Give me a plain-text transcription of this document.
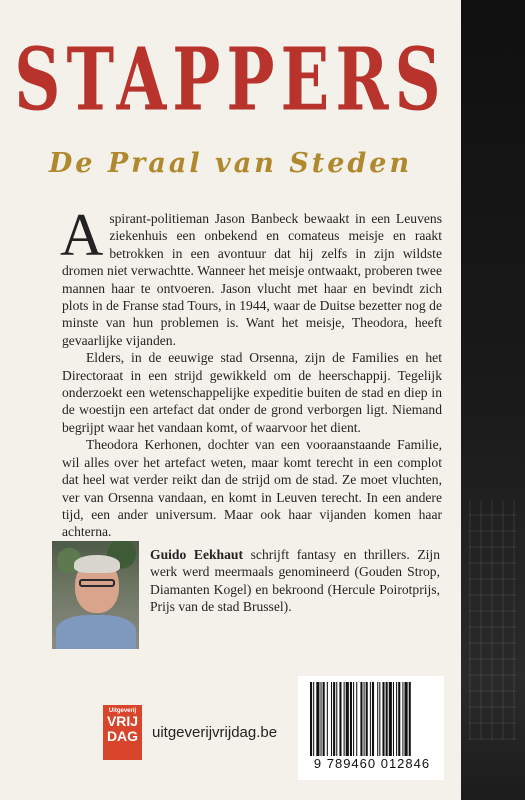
STAPPERS
De Praal van Steden

Aspirant-politieman Jason Banbeck bewaakt in een Leuvens ziekenhuis een onbekend en comateus meisje en raakt betrokken in een avontuur dat hij zelfs in zijn wildste dromen niet verwachtte. Wanneer het meisje ontwaakt, proberen twee mannen haar te ontvoeren. Jason vlucht met haar en bevindt zich plots in de Franse stad Tours, in 1944, waar de Duitse bezetter nog de minste van hun problemen is. Want het meisje, Theodora, heeft gevaarlijke vijanden.

Elders, in de eeuwige stad Orsenna, zijn de Families en het Directoraat in een strijd gewikkeld om de heerschappij. Tegelijk onderzoekt een wetenschappelijke expeditie buiten de stad en diep in de woestijn een artefact dat onder de grond verborgen ligt. Niemand begrijpt waar het vandaan komt, of waarvoor het dient.

Theodora Kerhonen, dochter van een vooraanstaande Familie, wil alles over het artefact weten, maar komt terecht in een complot dat heel wat verder reikt dan de strijd om de stad. Ze moet vluchten, ver van Orsenna vandaan, en komt in Leuven terecht. In een andere tijd, een ander universum. Maar ook haar vijanden komen haar achterna.

Guido Eekhaut schrijft fantasy en thrillers. Zijn werk werd meermaals genomineerd (Gouden Strop, Diamanten Kogel) en bekroond (Hercule Poirotprijs, Prijs van de stad Brussel).
Uitgeverij
VRIJ
DAG uitgeverijvrijdag.be
9 789460 012846
